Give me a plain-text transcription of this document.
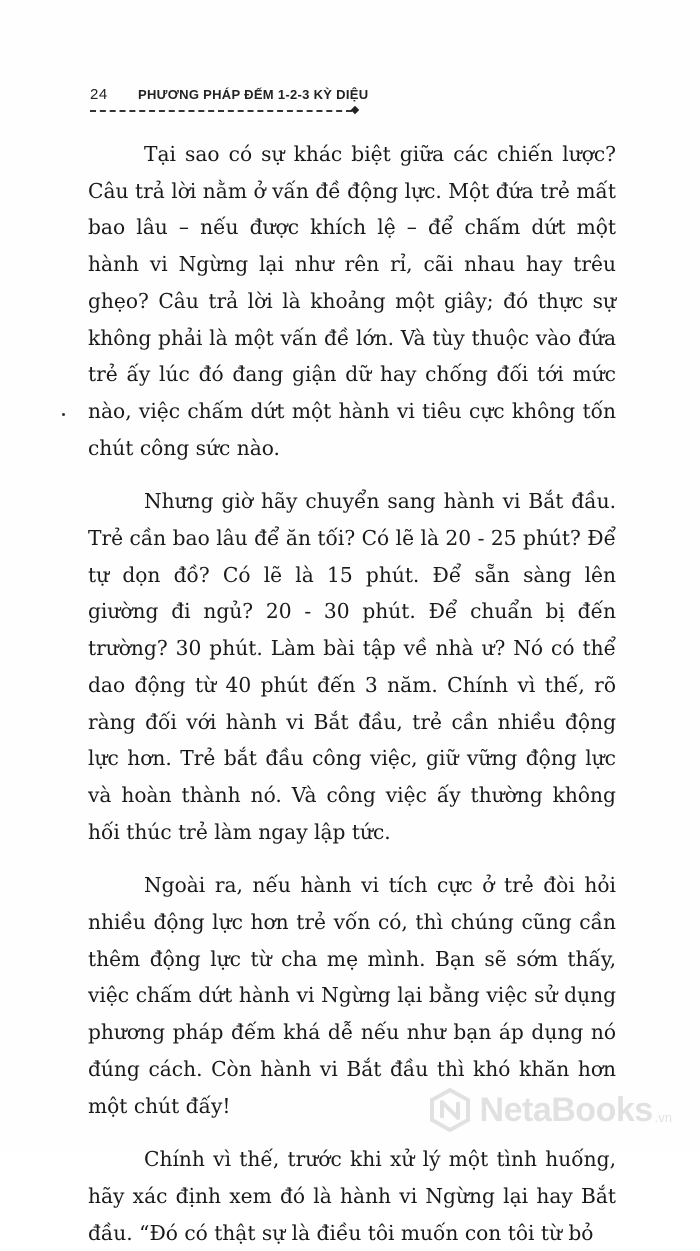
24 PHƯƠNG PHÁP ĐẾM 1-2-3 KỲ DIỆU

Tại sao có sự khác biệt giữa các chiến lược? Câu trả lời nằm ở vấn đề động lực. Một đứa trẻ mất bao lâu – nếu được khích lệ – để chấm dứt một hành vi Ngừng lại như rên rỉ, cãi nhau hay trêu ghẹo? Câu trả lời là khoảng một giây; đó thực sự không phải là một vấn đề lớn. Và tùy thuộc vào đứa trẻ ấy lúc đó đang giận dữ hay chống đối tới mức nào, việc chấm dứt một hành vi tiêu cực không tốn chút công sức nào.

Nhưng giờ hãy chuyển sang hành vi Bắt đầu. Trẻ cần bao lâu để ăn tối? Có lẽ là 20 - 25 phút? Để tự dọn đồ? Có lẽ là 15 phút. Để sẵn sàng lên giường đi ngủ? 20 - 30 phút. Để chuẩn bị đến trường? 30 phút. Làm bài tập về nhà ư? Nó có thể dao động từ 40 phút đến 3 năm. Chính vì thế, rõ ràng đối với hành vi Bắt đầu, trẻ cần nhiều động lực hơn. Trẻ bắt đầu công việc, giữ vững động lực và hoàn thành nó. Và công việc ấy thường không hối thúc trẻ làm ngay lập tức.

Ngoài ra, nếu hành vi tích cực ở trẻ đòi hỏi nhiều động lực hơn trẻ vốn có, thì chúng cũng cần thêm động lực từ cha mẹ mình. Bạn sẽ sớm thấy, việc chấm dứt hành vi Ngừng lại bằng việc sử dụng phương pháp đếm khá dễ nếu như bạn áp dụng nó đúng cách. Còn hành vi Bắt đầu thì khó khăn hơn một chút đấy!

Chính vì thế, trước khi xử lý một tình huống, hãy xác định xem đó là hành vi Ngừng lại hay Bắt đầu. “Đó có thật sự là điều tôi muốn con tôi từ bỏ

NetaBooks .vn
